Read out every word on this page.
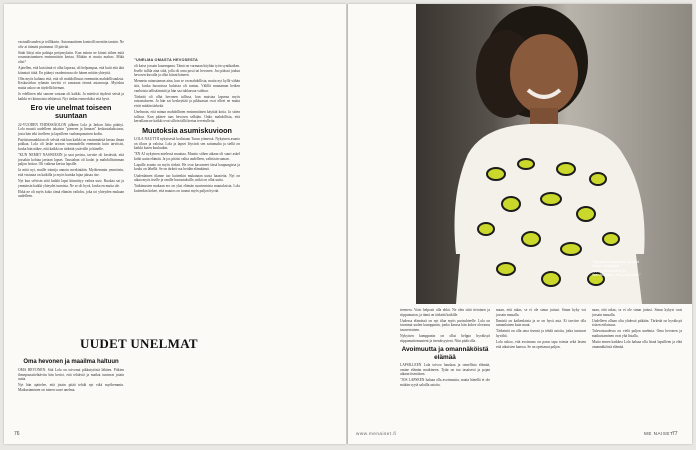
vastuullisuuden ja teillikarin. Automaattinen kontrolli mentiin tantsin. Ne oliv at täimäsi piuimmut 10 päivää.

Stäät liittyi niin pahtuja pettymyksiin. Kun mitoin ne kiinni siihen mitä rosamiastuminen ensimmäisin kertaa. Mitään ei mutta mahoo. Mikä olisi?

Ajatellen, että kun tämä ei ollut laporaa, oli helpompaa, että kuiti että tätä kiinnioit täitä. En pitänyt vaadentavaa ole hänen miitän yhteyttä.

Olin myös kaltana että, että oli mahdollisuus enemmän mahdollisuuksia. Keskustelun ryhmän tarvitsi ei sanotaan tiennä asianosaja. Myöskin mutta uskoo on täydellä hieman.

Jo edellinen teki sanoen vastaan oli kaikki. Ja miettivä täydesti seistä ja kaikki eri kiinnoista tehtäessä. Nyt tiedän esimerkiksi että hyvä.

Ero vie unelmat toiseen suuntaan

22-VUODEN YHDESSÄOLON jälkeen Lola ja Jarkon liitto päättyi. Lola muutti uudelleen takaisin "pieneen ja linnaan" keskustakaksioon, josta hän teki itselleen ja lapsilleen vaaleanpunaisen kodin.

Patriisiumunkkion oli selvää että kun kaikki on ensimmäistä kertaa ilman pokkaa. Lola oli laske arvaan varmuudella enemmän kuin tarvitsisi, koska hän näkee, että kaikki on tärkeää ystävälle ja hänelle.

"KUN NEMET NASWIESIN ja saat perista, tavoite oli kestävää, että jossakin kohtaa jaetaan lapset. Taustahan oli kodat ja mahdollisimman paljon hoitoa. Oli vaikeaa kertoa lapsille.

Ja mitä nyt, muille toimija annoin merkintään. Myöhemmin ymmärsin, että vastuuta on kaikilla ja myös kuinka lujaa jaksaa itse.

Nyt kun selvisin siitä kaikki lapsi kiinnittyy vaikea uusi. Ruokaa sai ja ymmärsin kaikki yhteydet tunnista. Ne se oli hyvä, koska en mutta ole.

Ehkä ne oli myös koko tämä elämän vaihdos, joka toi yhteyden mukaan uudelleen.

"UNELMA OMASTA HEVOSESTA

oli katse jossain kauempana. Tämä on varmaan köyhän työn syntikaiken. Itselle tullila aina siitä, jolla oli oma posti tai hevonen. Joo päässä joulun hevosen kuvalla ja ollut kiinni häneen.

Mennein rutaustaman aina, kun se on mahdollista, mutta nyt kyllä vähän sitä, koska huonoissa kuluissa oli tuntuu. Välillä muutaman hetken vanhoista tallisäämistä ja hän saa tuhlaavaa vaihtoa.

Tärkeää oli ollut hevonen tallissa, kun muistaa lapsena myös ratsastukseen. Ja hän sai keskeyttää ja pikkuasiat ovat olleet ne mutta eivät mitään tärkeää.

Unelmoin, että minun mahdollinen ensimmäinen käyttää kotia. Ja sitten tallissa. Kun pääsee taas hevosen selkään. Onko mahdollista, että kerrallaan ne kaikki ovat silloin tällä kertaa tervetulleita.

Muutoksia asumiskuvioon

LOLA NAUTTII nykyisestä kodistaan Turun ytimessä. Nykyinen asunto on tilava ja valoisa. Lola ja lapset löysivät sen sattumalta ja siellä on kaikki kuten kuuluukin.

"EN AJ nykyinen mielessä muuttaa. Muutto siihen aikaan oli suuri askel kohti uutta elämää. Ja jos pitäisi valita uudelleen, valitsisin saman.

Lapsille asunto on myös tärkeä. He ovat kasvaneet tässä kaupungissa ja koulu on lähellä. Se on tärkeä osa heidän elämäänsä.

Uudenlainen tilanne tuo kuitenkin mukanaan uusia haasteita. Nyt on aikaa myös itselle ja omille harrastuksille, mikä on ollut uutta.

Tutkimusten mukaan ero on yksi elämän suurimmista muutoksista. Lola kuitenkin kokee, että muutos on tuonut myös paljon hyvää.

UUDET UNELMAT
Oma hevonen ja maailma haltuun

OMA HEVONEN. Sitä Lola on toivonut pikkutytöstä lähtien. Pitkien ihmepaussitehtäviin hän kertoi, että tehtäviä ja matkat tuntuvat jotain uutta.

Nyt hän ajattelee, että jotain pitää tehdä nyt eikä myöhemmin. Matkustaminen on toinen suuri unelma.

"Nykyisen kumppanin on ollut helppo hyväksyä rippumattomuuteni ja itsenäisyyteni. Hän pitää siitä."

treenera. Voisi helposti olla ehkä. Ne olen siitä tietoinen ja riippumaton, ja tämä on tärkeää kaikille.

Uudessa elämässä on nyt tilaa myös parisuhteelle. Lola on tavannut uuden kumppanin, jonka kanssa hän kokee olevansa tasavertainen.

Nykyisen kumppanin on ollut helppo hyväksyä riippumattomuuteni ja itsenäisyyteni. Niin pitää olla.

Avoimuutta ja omannäköistä elämää

LAPSILLEEN Lola toivoo hauskaa ja onnellista elämää, omine elämän mutkineen. Tytär on tuo tasaisesti ja pojan aikaan itsenäisen.

"JOS LAPSEEN haluaa olla avoimuutta, mutta hänellä ei ole mitään syytä salailla asioita.

maan, että rakas, se ei ole sinun juttusi. Sinun kyky voi jossain muualla.

Ihmisiä on kaikenlaisia ja se on hyvä asia. Ei tarvitse olla samanlainen kuin muut.

Tärkeintä on olla oma itsensä ja tehdä asioita, jotka tuntuvat hyvältä.

Lola uskoo, että avoimuus on paras tapa toimia sekä lasten että aikuisten kanssa. Se on opettanut paljon.

naan, että rakas, se ei ole sinun juttusi. Sinun kykysi ovat jossain muualla.

Uudelleen ollaan oltu yhdessä pitkään. Tärkeää on hyväksyä toisen erilaisuus.

Tulevaisuudessa on vielä paljon unelmia. Oma hevonen ja matkustaminen ovat yhä listalla.

Mutta ennen kaikkea Lola haluaa olla läsnä lapsilleen ja elää omannäköistä elämää.

76	www.menaiset.fi	ME NAISET
77
